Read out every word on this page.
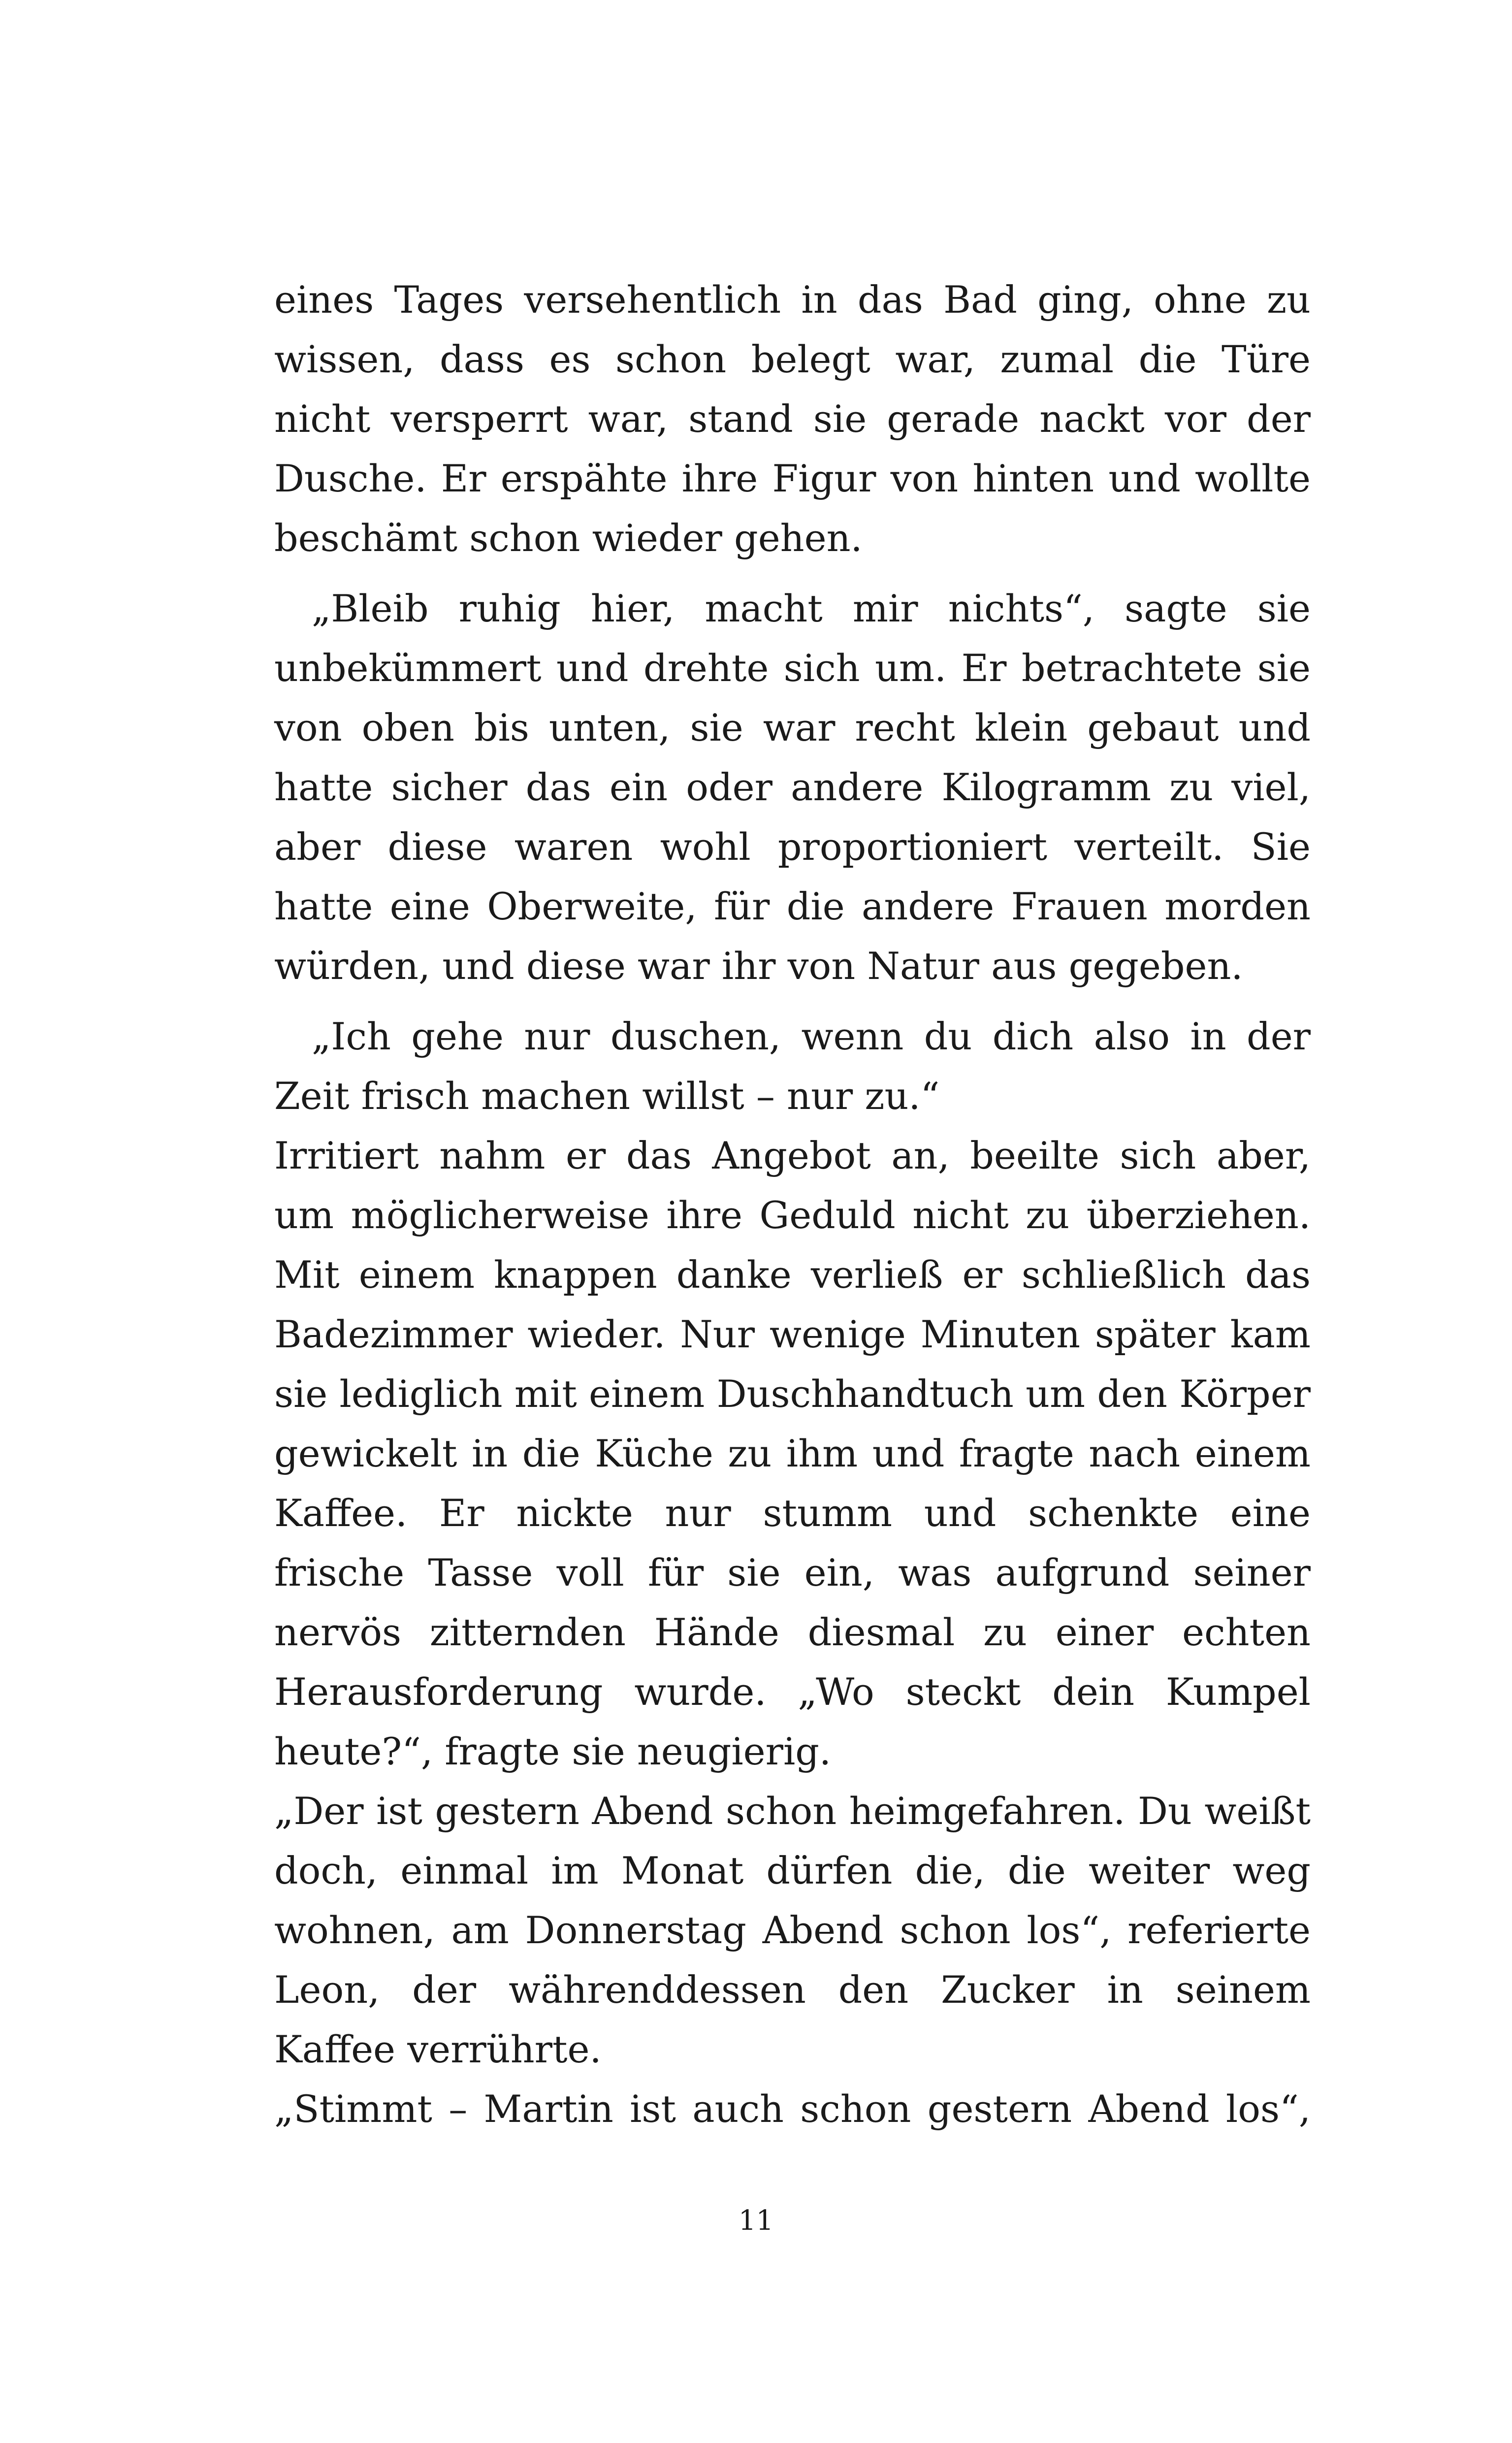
eines Tages versehentlich in das Bad ging, ohne zu wissen, dass es schon belegt war, zumal die Türe nicht versperrt war, stand sie gerade nackt vor der Dusche. Er erspähte ihre Figur von hinten und wollte beschämt schon wieder gehen.

„Bleib ruhig hier, macht mir nichts“, sagte sie unbekümmert und drehte sich um. Er betrachtete sie von oben bis unten, sie war recht klein gebaut und hatte sicher das ein oder andere Kilogramm zu viel, aber diese waren wohl proportioniert verteilt. Sie hatte eine Oberweite, für die andere Frauen morden würden, und diese war ihr von Natur aus gegeben.

„Ich gehe nur duschen, wenn du dich also in der Zeit frisch machen willst – nur zu.“

Irritiert nahm er das Angebot an, beeilte sich aber, um möglicherweise ihre Geduld nicht zu überziehen. Mit einem knappen danke verließ er schließlich das Badezimmer wieder. Nur wenige Minuten später kam sie lediglich mit einem Duschhandtuch um den Körper gewickelt in die Küche zu ihm und fragte nach einem Kaffee. Er nickte nur stumm und schenkte eine frische Tasse voll für sie ein, was aufgrund seiner nervös zitternden Hände diesmal zu einer echten Herausforderung wurde. „Wo steckt dein Kumpel heute?“, fragte sie neugierig.

„Der ist gestern Abend schon heimgefahren. Du weißt doch, einmal im Monat dürfen die, die weiter weg wohnen, am Donnerstag Abend schon los“, referierte Leon, der währenddessen den Zucker in seinem Kaffee verrührte.

„Stimmt – Martin ist auch schon gestern Abend los“,

11
